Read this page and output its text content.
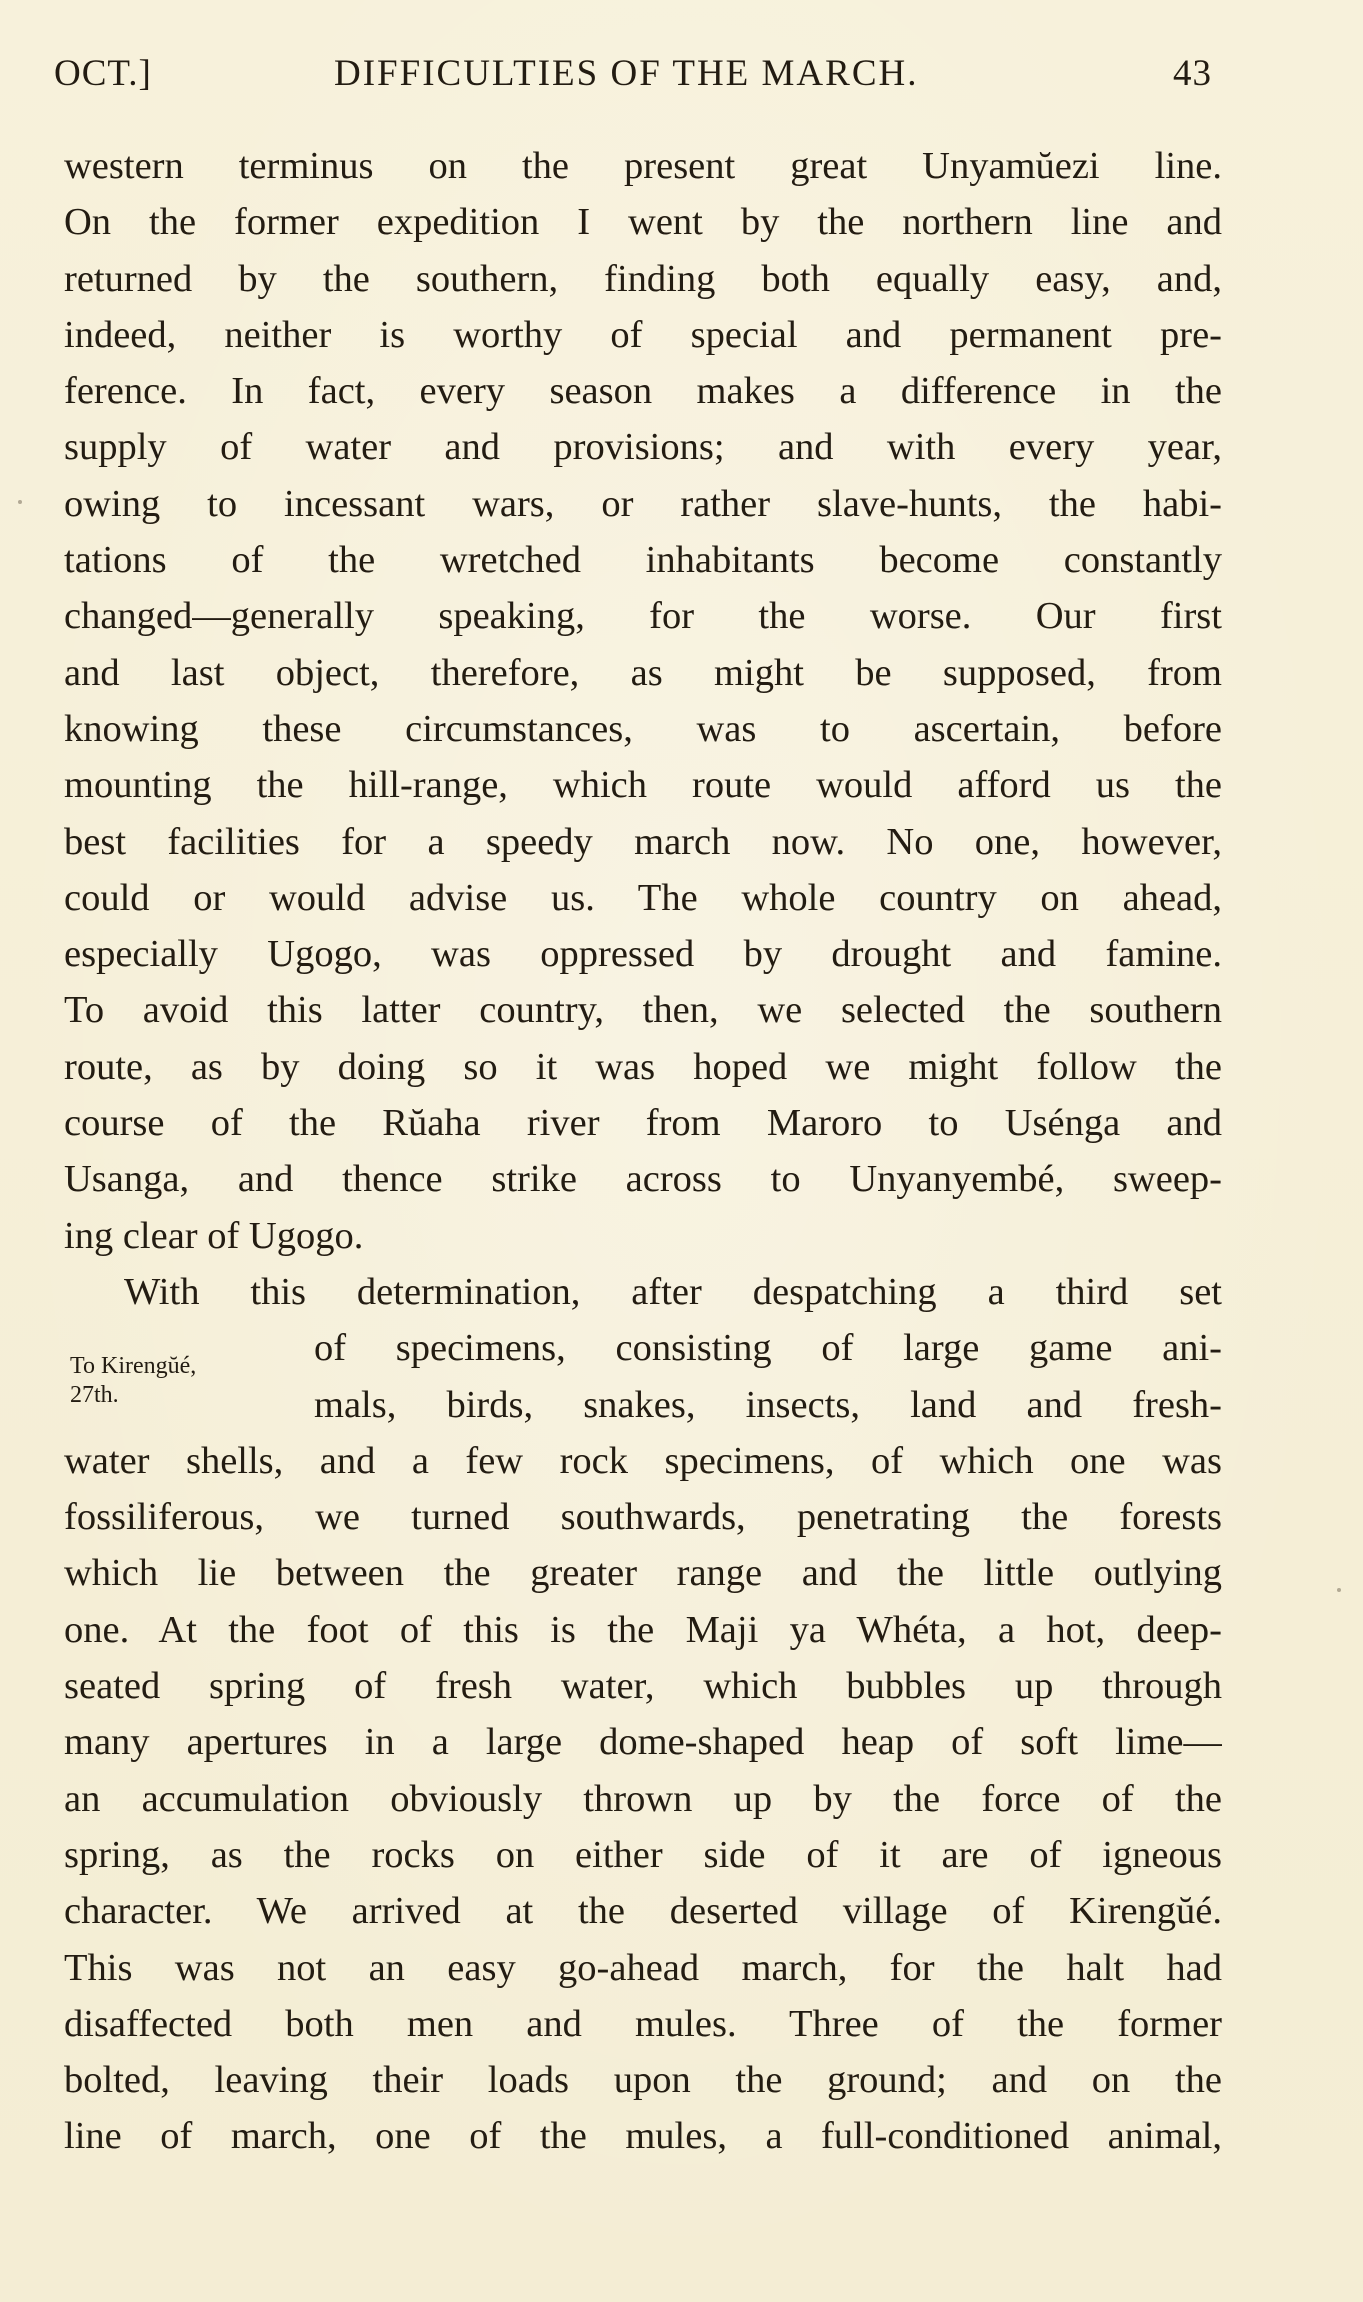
OCT.]	DIFFICULTIES OF THE MARCH.	43
To Kirengŭé,
27th.
western terminus on the present great Unyamŭezi line.
On the former expedition I went by the northern line and
returned by the southern, finding both equally easy, and,
indeed, neither is worthy of special and permanent pre-
ference. In fact, every season makes a difference in the
supply of water and provisions; and with every year,
owing to incessant wars, or rather slave-hunts, the habi-
tations of the wretched inhabitants become constantly
changed—generally speaking, for the worse. Our first
and last object, therefore, as might be supposed, from
knowing these circumstances, was to ascertain, before
mounting the hill-range, which route would afford us the
best facilities for a speedy march now. No one, however,
could or would advise us. The whole country on ahead,
especially Ugogo, was oppressed by drought and famine.
To avoid this latter country, then, we selected the southern
route, as by doing so it was hoped we might follow the
course of the Rŭaha river from Maroro to Usénga and
Usanga, and thence strike across to Unyanyembé, sweep-
ing clear of Ugogo.
With this determination, after despatching a third set
of specimens, consisting of large game ani-
mals, birds, snakes, insects, land and fresh-
water shells, and a few rock specimens, of which one was
fossiliferous, we turned southwards, penetrating the forests
which lie between the greater range and the little outlying
one. At the foot of this is the Maji ya Whéta, a hot, deep-
seated spring of fresh water, which bubbles up through
many apertures in a large dome-shaped heap of soft lime—
an accumulation obviously thrown up by the force of the
spring, as the rocks on either side of it are of igneous
character. We arrived at the deserted village of Kirengŭé.
This was not an easy go-ahead march, for the halt had
disaffected both men and mules. Three of the former
bolted, leaving their loads upon the ground; and on the
line of march, one of the mules, a full-conditioned animal,
